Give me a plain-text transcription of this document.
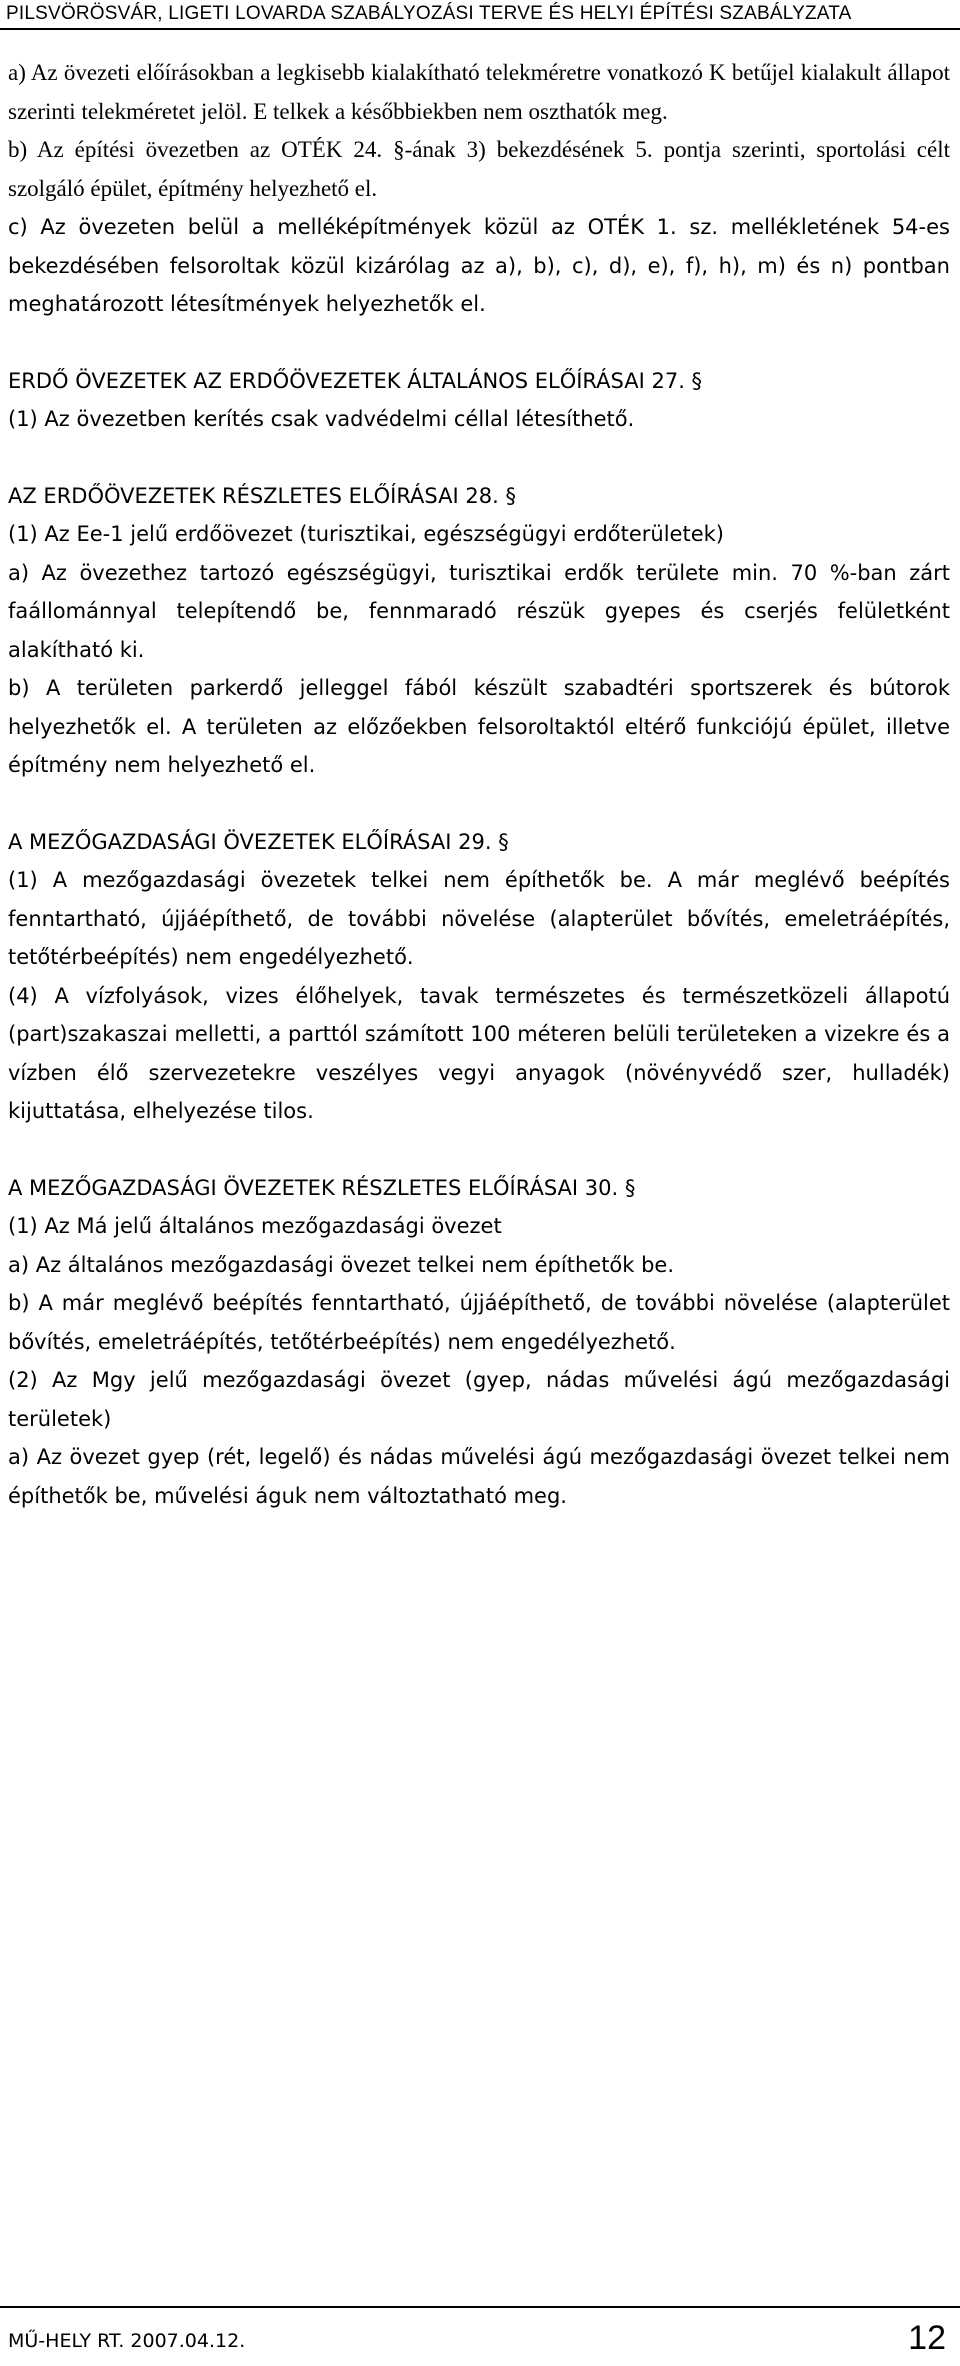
PILSVÖRÖSVÁR, LIGETI LOVARDA SZABÁLYOZÁSI TERVE ÉS HELYI ÉPÍTÉSI SZABÁLYZATA

a) Az övezeti előírásokban a legkisebb kialakítható telekméretre vonatkozó K betűjel kialakult állapot szerinti telekméretet jelöl. E telkek a későbbiekben nem oszthatók meg.

b) Az építési övezetben az OTÉK 24. §-ának 3) bekezdésének 5. pontja szerinti, sportolási célt szolgáló épület, építmény helyezhető el.

c) Az övezeten belül a melléképítmények közül az OTÉK 1. sz. mellékletének 54-es bekezdésében felsoroltak közül kizárólag az a), b), c), d), e), f), h), m) és n) pontban meghatározott létesítmények helyezhetők el.

ERDŐ ÖVEZETEK AZ ERDŐÖVEZETEK ÁLTALÁNOS ELŐÍRÁSAI 27. §

(1) Az övezetben kerítés csak vadvédelmi céllal létesíthető.

AZ ERDŐÖVEZETEK RÉSZLETES ELŐÍRÁSAI 28. §

(1) Az Ee-1 jelű erdőövezet (turisztikai, egészségügyi erdőterületek)

a) Az övezethez tartozó egészségügyi, turisztikai erdők területe min. 70 %-ban zárt faállománnyal telepítendő be, fennmaradó részük gyepes és cserjés felületként alakítható ki.

b) A területen parkerdő jelleggel fából készült szabadtéri sportszerek és bútorok helyezhetők el. A területen az előzőekben felsoroltaktól eltérő funkciójú épület, illetve építmény nem helyezhető el.

A MEZŐGAZDASÁGI ÖVEZETEK ELŐÍRÁSAI 29. §

(1) A mezőgazdasági övezetek telkei nem építhetők be. A már meglévő beépítés fenntartható, újjáépíthető, de további növelése (alapterület bővítés, emeletráépítés, tetőtérbeépítés) nem engedélyezhető.

(4) A vízfolyások, vizes élőhelyek, tavak természetes és természetközeli állapotú (part)szakaszai melletti, a parttól számított 100 méteren belüli területeken a vizekre és a vízben élő szervezetekre veszélyes vegyi anyagok (növényvédő szer, hulladék) kijuttatása, elhelyezése tilos.

A MEZŐGAZDASÁGI ÖVEZETEK RÉSZLETES ELŐÍRÁSAI 30. §

(1) Az Má jelű általános mezőgazdasági övezet

a) Az általános mezőgazdasági övezet telkei nem építhetők be.

b) A már meglévő beépítés fenntartható, újjáépíthető, de további növelése (alapterület bővítés, emeletráépítés, tetőtérbeépítés) nem engedélyezhető.

(2) Az Mgy jelű mezőgazdasági övezet (gyep, nádas művelési ágú mezőgazdasági területek)

a) Az övezet gyep (rét, legelő) és nádas művelési ágú mezőgazdasági övezet telkei nem építhetők be, művelési águk nem változtatható meg.

MŰ-HELY RT. 2007.04.12.	12
